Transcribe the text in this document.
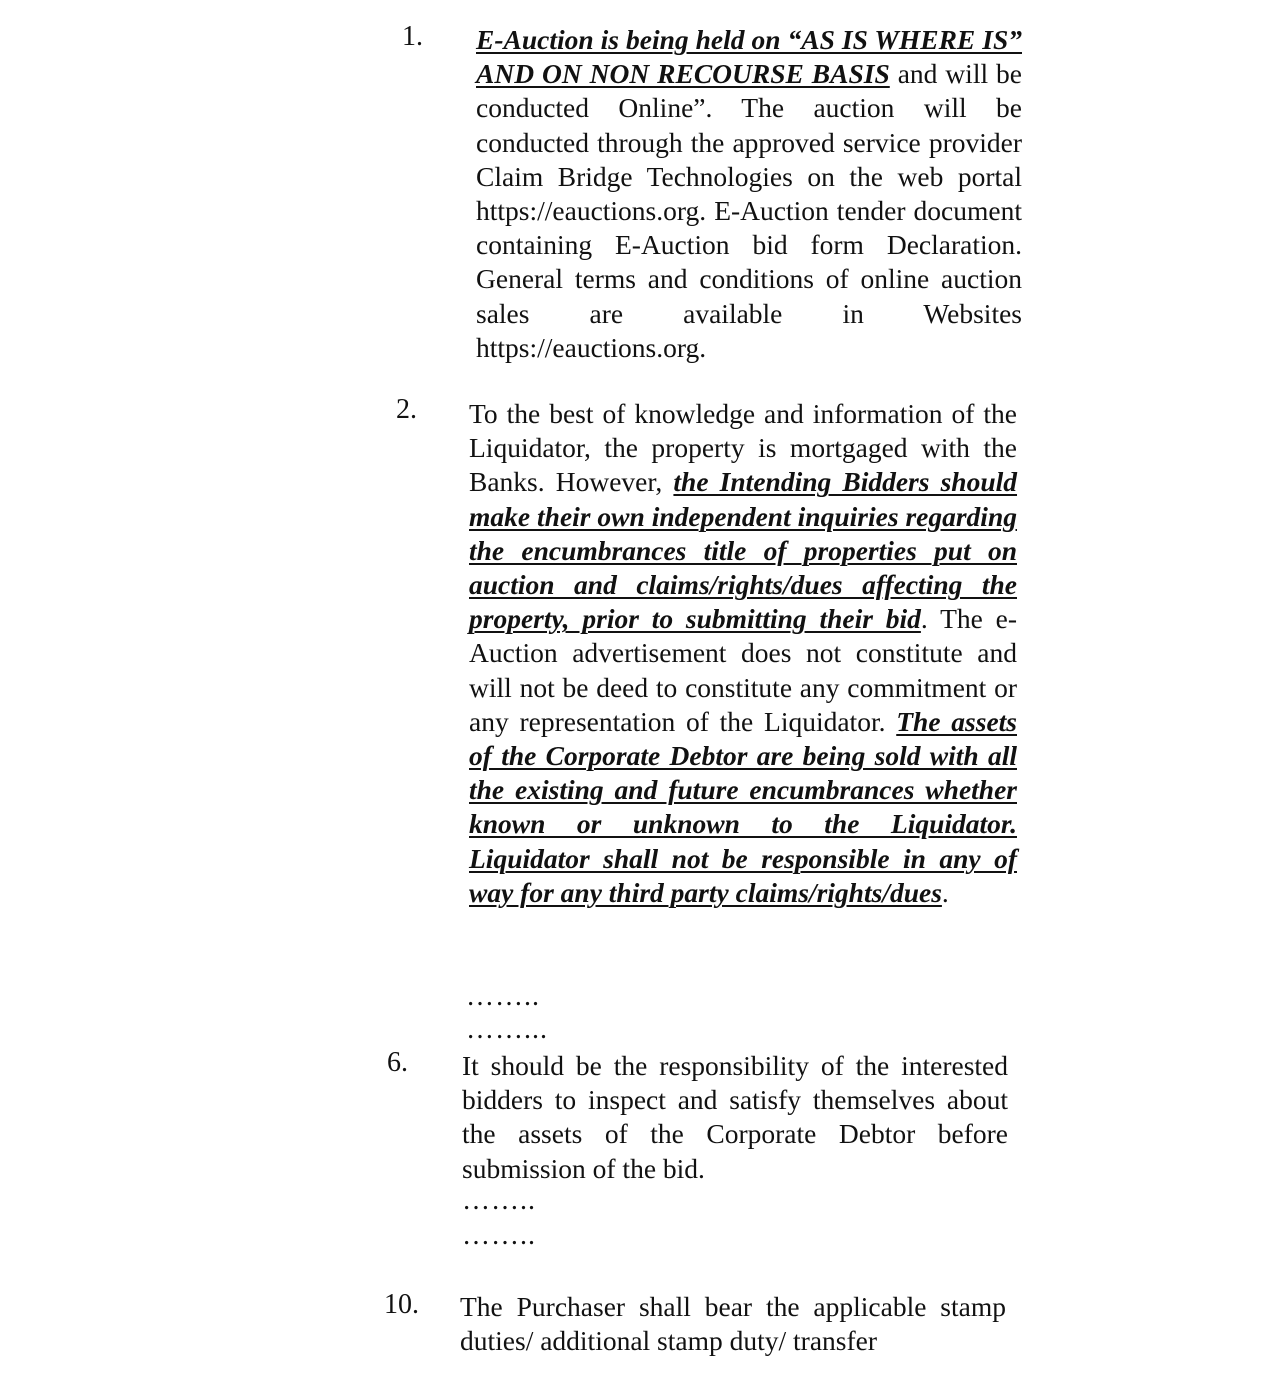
1. E-Auction is being held on “AS IS WHERE IS” AND ON NON RECOURSE BASIS and will be conducted Online”. The auction will be conducted through the approved service provider Claim Bridge Technologies on the web portal https://eauctions.org. E-Auction tender document containing E-Auction bid form Declaration. General terms and conditions of online auction sales are available in Websites https://eauctions.org.
2. To the best of knowledge and information of the Liquidator, the property is mortgaged with the Banks. However, the Intending Bidders should make their own independent inquiries regarding the encumbrances title of properties put on auction and claims/rights/dues affecting the property, prior to submitting their bid. The e-Auction advertisement does not constitute and will not be deed to constitute any commitment or any representation of the Liquidator. The assets of the Corporate Debtor are being sold with all the existing and future encumbrances whether known or unknown to the Liquidator. Liquidator shall not be responsible in any of way for any third party claims/rights/dues.
……..
……...
6. It should be the responsibility of the interested bidders to inspect and satisfy themselves about the assets of the Corporate Debtor before submission of the bid.
……..
……..
10. The Purchaser shall bear the applicable stamp duties/ additional stamp duty/ transfer
